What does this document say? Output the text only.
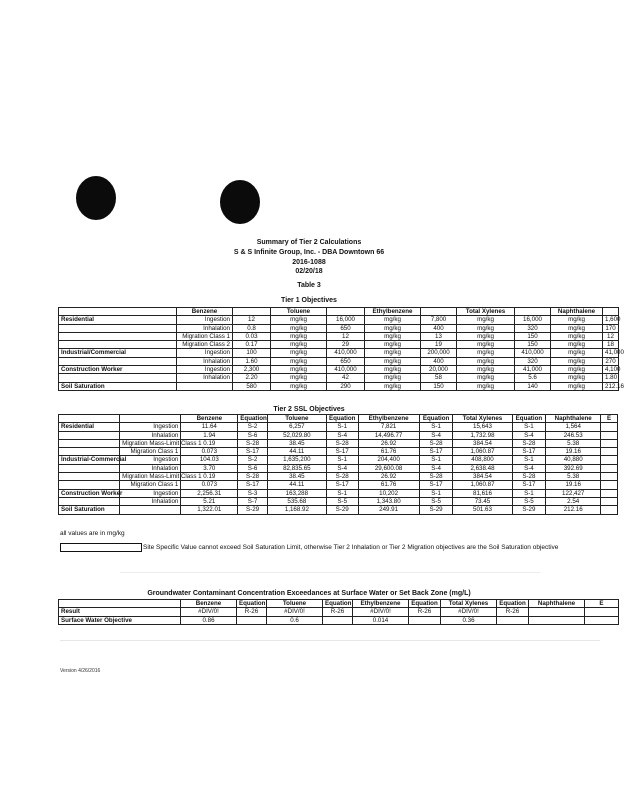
Summary of Tier 2 Calculations
S & S Infinite Group, Inc. - DBA Downtown 66
2016-1088
02/20/18
Table 3
Tier 1 Objectives
	Benzene		Toluene		Ethylbenzene		Total Xylenes		Naphthalene		
Residential	Ingestion	12	mg/kg	16,000	mg/kg	7,800	mg/kg	16,000	mg/kg	1,600	
	Inhalation	0.8	mg/kg	650	mg/kg	400	mg/kg	320	mg/kg	170	
	Migration Class 1	0.03	mg/kg	12	mg/kg	13	mg/kg	150	mg/kg	12	
	Migration Class 2	0.17	mg/kg	29	mg/kg	19	mg/kg	150	mg/kg	18	
Industrial/Commercial	Ingestion	100	mg/kg	410,000	mg/kg	200,000	mg/kg	410,000	mg/kg	41,000	
	Inhalation	1.60	mg/kg	650	mg/kg	400	mg/kg	320	mg/kg	270	
Construction Worker	Ingestion	2,300	mg/kg	410,000	mg/kg	20,000	mg/kg	41,000	mg/kg	4,100	
	Inhalation	2.20	mg/kg	42	mg/kg	58	mg/kg	5.6	mg/kg	1.80	
Soil Saturation		580	mg/kg	290	mg/kg	150	mg/kg	140	mg/kg	212.16	
Tier 2 SSL Objectives
		Benzene	Equation	Toluene	Equation	Ethylbenzene	Equation	Total Xylenes	Equation	Naphthalene	E
Residential	Ingestion	11.64	S-2	6,257	S-1	7,821	S-1	15,643	S-1	1,564	
	Inhalation	1.94	S-6	52,029.80	S-4	14,496.77	S-4	1,732.98	S-4	246.53	
	Migration Mass-Limit Class 1	0.19	S-28	38.45	S-28	26.92	S-28	384.54	S-28	5.38	
	Migration Class 1	0.073	S-17	44.11	S-17	61.76	S-17	1,060.87	S-17	19.16	
Industrial-Commercial	Ingestion	104.03	S-2	1,635,200	S-1	204,400	S-1	408,800	S-1	40,880	
	Inhalation	3.70	S-6	82,835.65	S-4	29,600.08	S-4	2,638.48	S-4	392.69	
	Migration Mass-Limit Class 1	0.19	S-28	38.45	S-28	26.92	S-28	384.54	S-28	5.38	
	Migration Class 1	0.073	S-17	44.11	S-17	61.76	S-17	1,060.87	S-17	19.16	
Construction Worker	Ingestion	2,256.31	S-3	163,288	S-1	10,202	S-1	81,616	S-1	122,427	
	Inhalation	5.21	S-7	535.68	S-5	1,343.80	S-5	73.45	S-5	2.54	
Soil Saturation		1,322.01	S-29	1,168.92	S-29	249.91	S-29	501.63	S-29	212.16	
all values are in mg/kg
Site Specific Value cannot exceed Soil Saturation Limit, otherwise Tier 2 Inhalation or Tier 2 Migration objectives are the Soil Saturation objective
Groundwater Contaminant Concentration Exceedances at Surface Water or Set Back Zone (mg/L)
	Benzene	Equation	Toluene	Equation	Ethylbenzene	Equation	Total Xylenes	Equation	Naphthalene	E
Result	#DIV/0!	R-26	#DIV/0!	R-26	#DIV/0!	R-26	#DIV/0!	R-26		
Surface Water Objective	0.86		0.6		0.014		0.36			
Version 4/26/2016
